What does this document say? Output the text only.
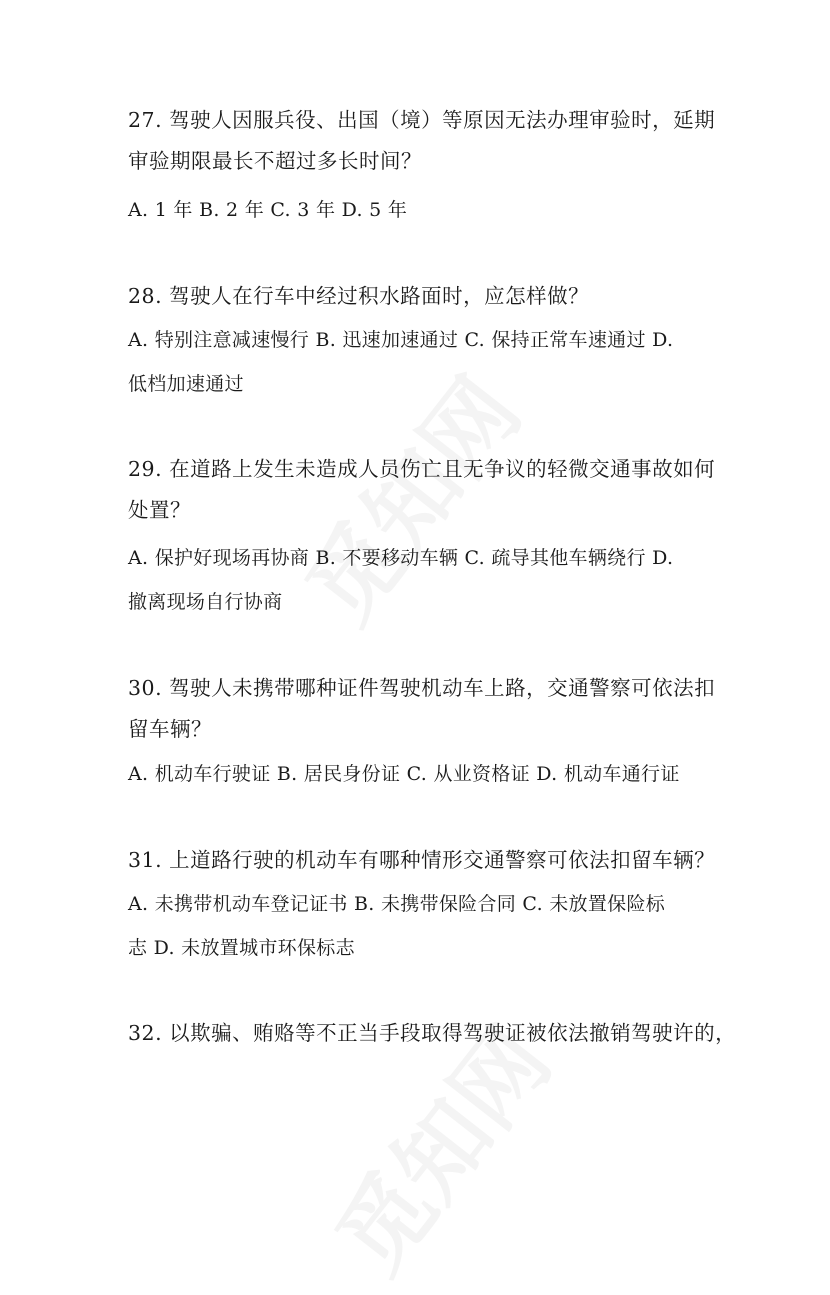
27. 驾驶人因服兵役、出国（境）等原因无法办理审验时，延期
审验期限最长不超过多长时间？
A. 1 年 B. 2 年 C. 3 年 D. 5 年
28. 驾驶人在行车中经过积水路面时，应怎样做？
A. 特别注意减速慢行 B. 迅速加速通过 C. 保持正常车速通过 D.
低档加速通过
29. 在道路上发生未造成人员伤亡且无争议的轻微交通事故如何
处置？
A. 保护好现场再协商 B. 不要移动车辆 C. 疏导其他车辆绕行 D.
撤离现场自行协商
30. 驾驶人未携带哪种证件驾驶机动车上路，交通警察可依法扣
留车辆？
A. 机动车行驶证 B. 居民身份证 C. 从业资格证 D. 机动车通行证
31. 上道路行驶的机动车有哪种情形交通警察可依法扣留车辆？
A. 未携带机动车登记证书 B. 未携带保险合同 C. 未放置保险标
志 D. 未放置城市环保标志
32. 以欺骗、贿赂等不正当手段取得驾驶证被依法撤销驾驶许的，
